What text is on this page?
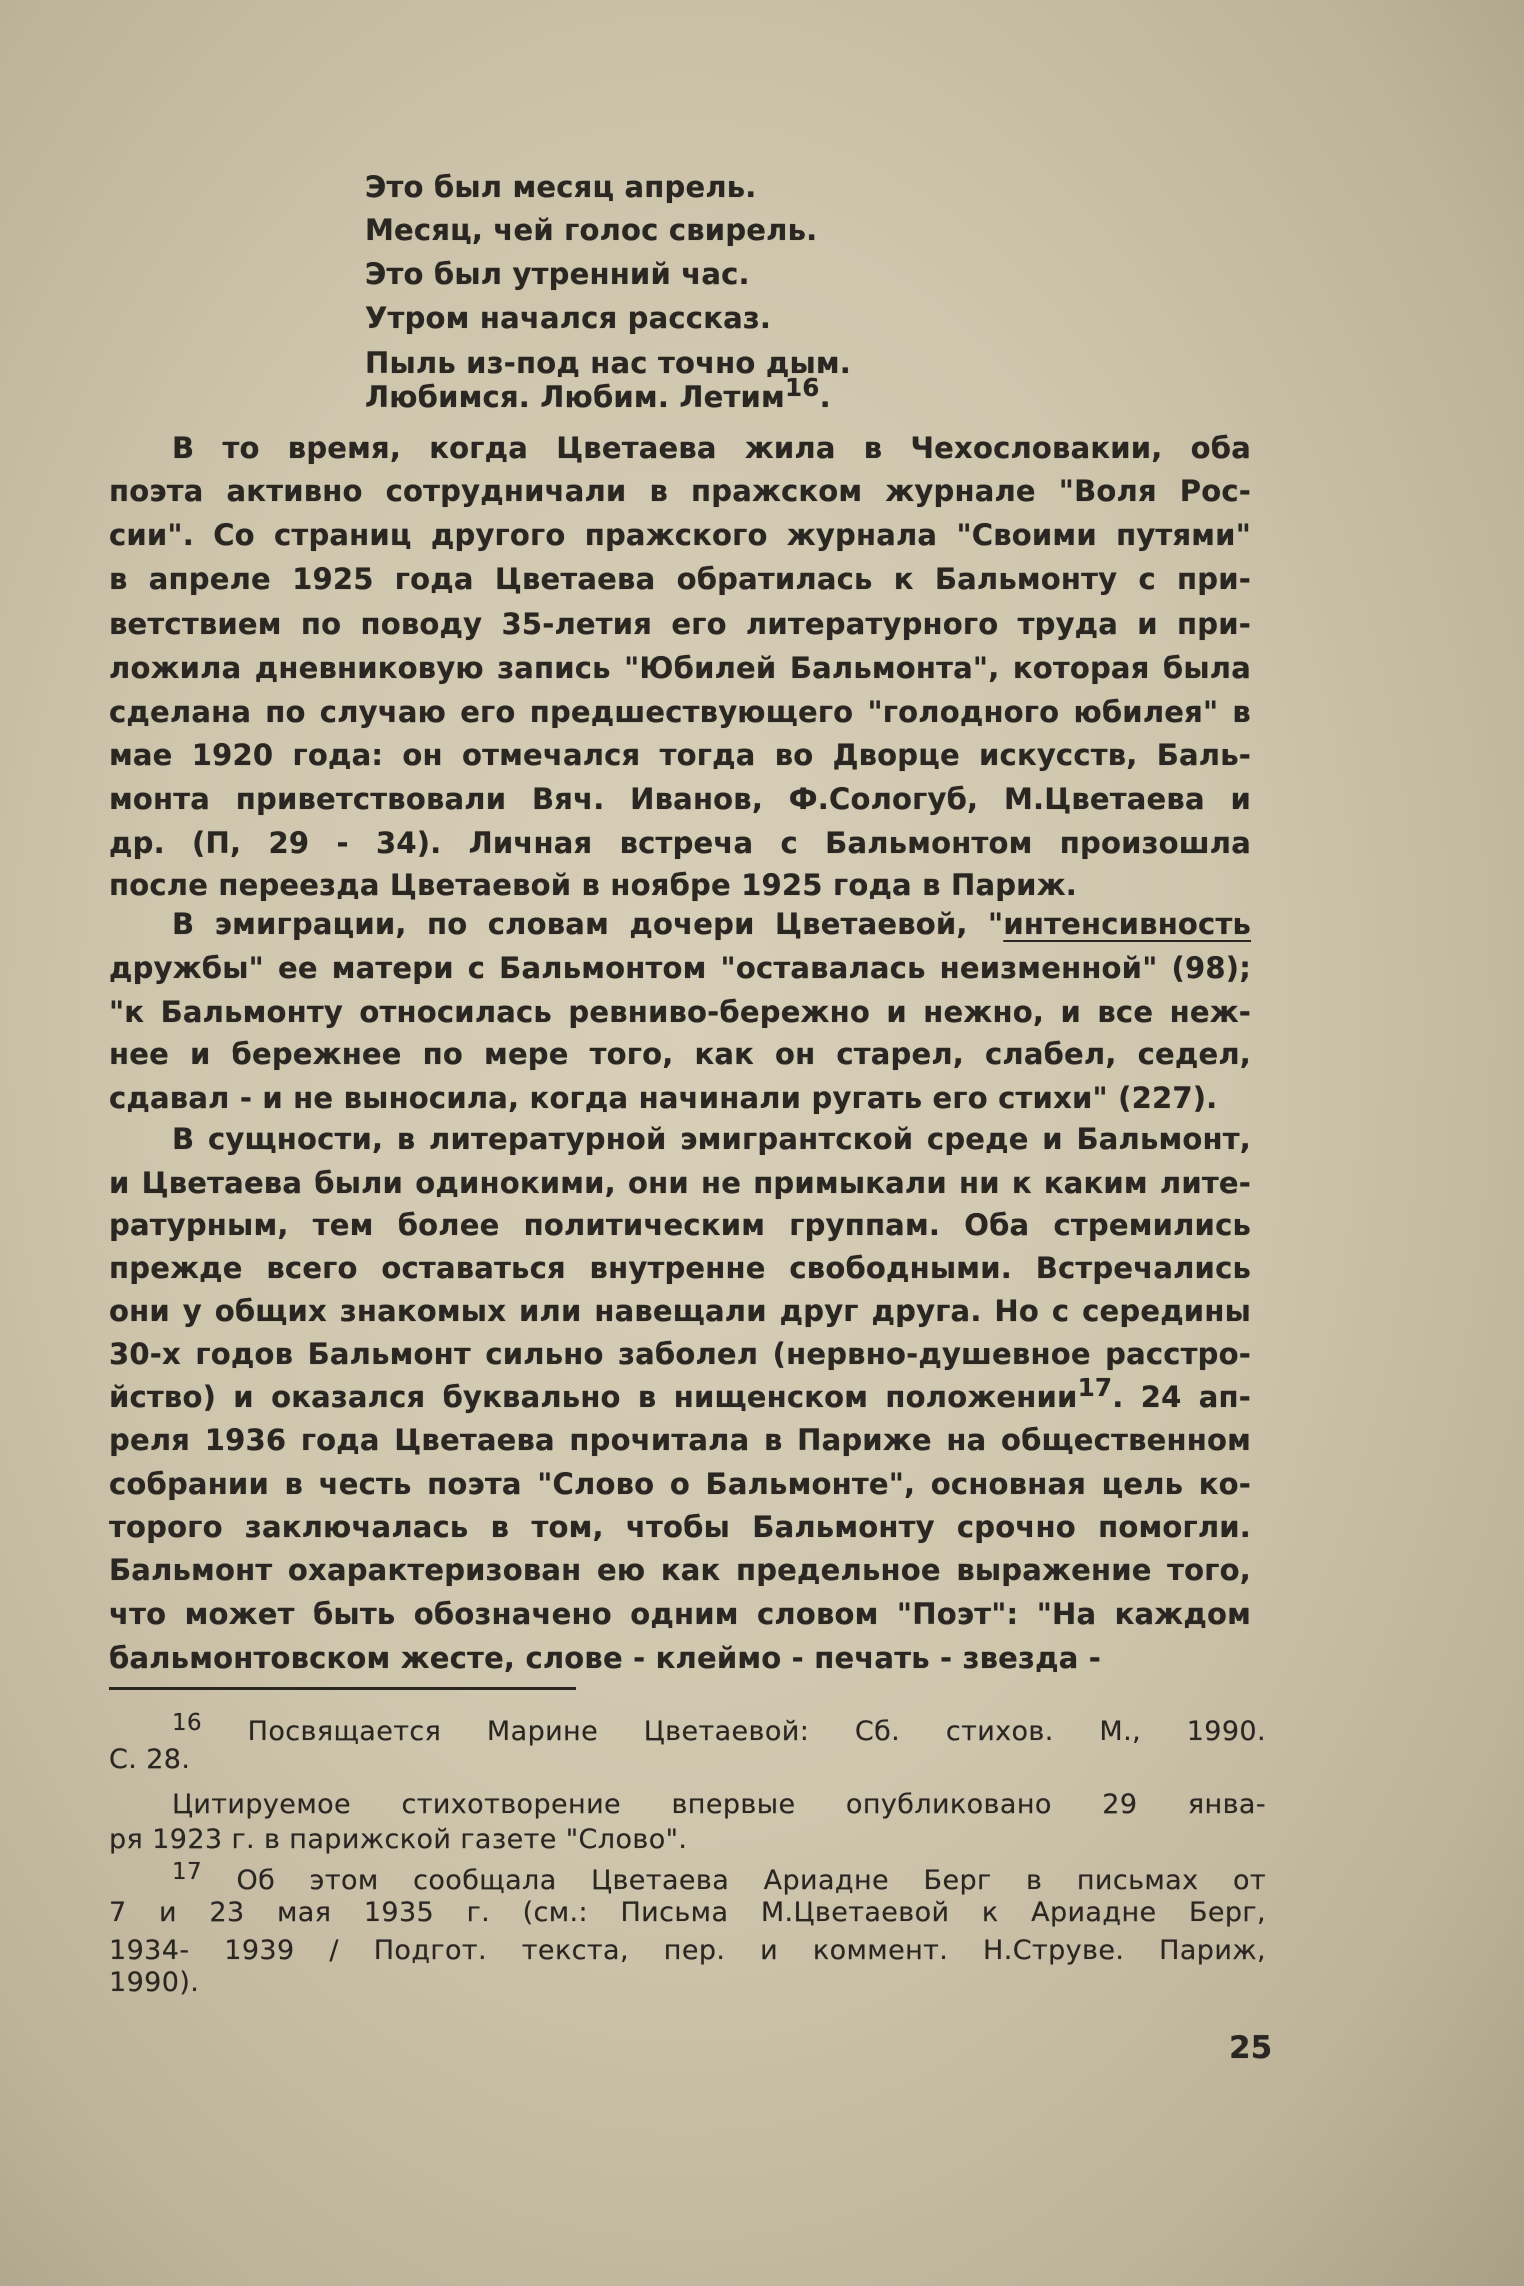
25
Это был месяц апрель.
Месяц, чей голос свирель.
Это был утренний час.
Утром начался рассказ.
Пыль из-под нас точно дым.
Любимся. Любим. Летим$^{16}$.
В то время, когда Цветаева жила в Чехословакии, оба
поэта активно сотрудничали в пражском журнале "Воля Рос-
сии". Со страниц другого пражского журнала "Своими путями"
в апреле 1925 года Цветаева обратилась к Бальмонту с при-
ветствием по поводу 35-летия его литературного труда и при-
ложила дневниковую запись "Юбилей Бальмонта", которая была
сделана по случаю его предшествующего "голодного юбилея" в
мае 1920 года: он отмечался тогда во Дворце искусств, Баль-
монта приветствовали Вяч. Иванов, Ф.Сологуб, М.Цветаева и
др. (П, 29 - 34). Личная встреча с Бальмонтом произошла
после переезда Цветаевой в ноябре 1925 года в Париж.
В эмиграции, по словам дочери Цветаевой, "интенсивность
дружбы" ее матери с Бальмонтом "оставалась неизменной" (98);
"к Бальмонту относилась ревниво-бережно и нежно, и все неж-
нее и бережнее по мере того, как он старел, слабел, седел,
сдавал - и не выносила, когда начинали ругать его стихи" (227).
В сущности, в литературной эмигрантской среде и Бальмонт,
и Цветаева были одинокими, они не примыкали ни к каким лите-
ратурным, тем более политическим группам. Оба стремились
прежде всего оставаться внутренне свободными. Встречались
они у общих знакомых или навещали друг друга. Но с середины
30-х годов Бальмонт сильно заболел (нервно-душевное расстро-
йство) и оказался буквально в нищенском положении$^{17}$. 24 ап-
реля 1936 года Цветаева прочитала в Париже на общественном
собрании в честь поэта "Слово о Бальмонте", основная цель ко-
торого заключалась в том, чтобы Бальмонту срочно помогли.
Бальмонт охарактеризован ею как предельное выражение того,
что может быть обозначено одним словом "Поэт": "На каждом
бальмонтовском жесте, слове - клеймо - печать - звезда -
$^{16}$ Посвящается Марине Цветаевой: Сб. стихов. М., 1990.
С. 28.
Цитируемое стихотворение впервые опубликовано 29 янва-
ря 1923 г. в парижской газете "Слово".
$^{17}$ Об этом сообщала Цветаева Ариадне Берг в письмах от
7 и 23 мая 1935 г. (см.: Письма М.Цветаевой к Ариадне Берг,
1934- 1939 / Подгот. текста, пер. и коммент. Н.Струве. Париж,
1990).
